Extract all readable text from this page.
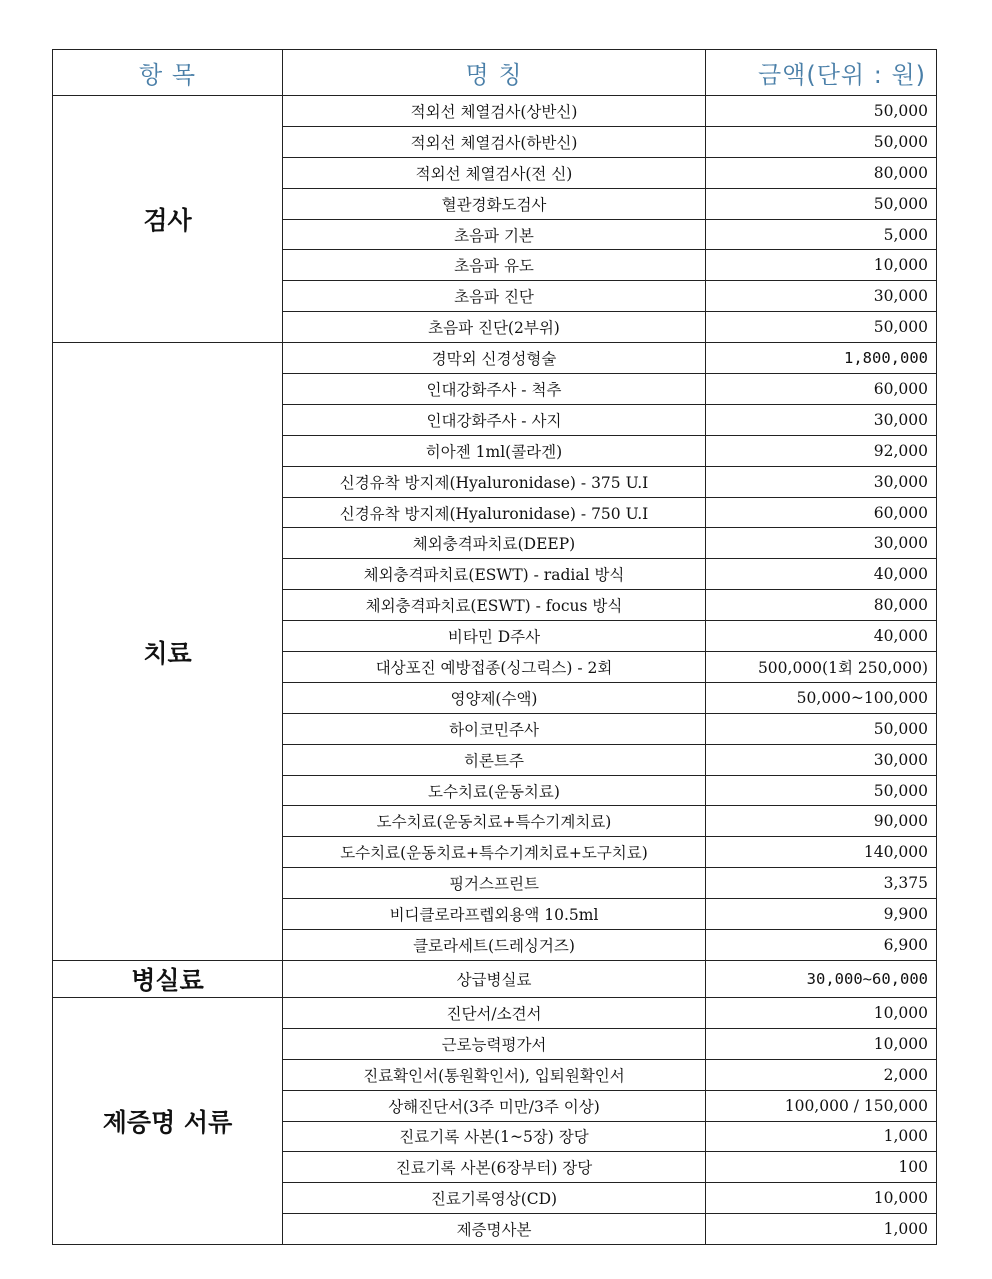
항 목	명 칭	금액(단위 : 원)
검사	적외선 체열검사(상반신)	50,000
	적외선 체열검사(하반신)	50,000
	적외선 체열검사(전 신)	80,000
	혈관경화도검사	50,000
	초음파 기본	5,000
	초음파 유도	10,000
	초음파 진단	30,000
	초음파 진단(2부위)	50,000
치료	경막외 신경성형술	1,800,000
	인대강화주사 - 척추	60,000
	인대강화주사 - 사지	30,000
	히아젠 1ml(콜라겐)	92,000
	신경유착 방지제(Hyaluronidase) - 375 U.I	30,000
	신경유착 방지제(Hyaluronidase) - 750 U.I	60,000
	체외충격파치료(DEEP)	30,000
	체외충격파치료(ESWT) - radial 방식	40,000
	체외충격파치료(ESWT) - focus 방식	80,000
	비타민 D주사	40,000
	대상포진 예방접종(싱그릭스) - 2회	500,000(1회 250,000)
	영양제(수액)	50,000~100,000
	하이코민주사	50,000
	히론트주	30,000
	도수치료(운동치료)	50,000
	도수치료(운동치료+특수기계치료)	90,000
	도수치료(운동치료+특수기계치료+도구치료)	140,000
	핑거스프린트	3,375
	비디클로라프렙외용액 10.5ml	9,900
	클로라세트(드레싱거즈)	6,900
병실료	상급병실료	30,000~60,000
제증명 서류	진단서/소견서	10,000
	근로능력평가서	10,000
	진료확인서(통원확인서), 입퇴원확인서	2,000
	상해진단서(3주 미만/3주 이상)	100,000 / 150,000
	진료기록 사본(1~5장) 장당	1,000
	진료기록 사본(6장부터) 장당	100
	진료기록영상(CD)	10,000
	제증명사본	1,000
